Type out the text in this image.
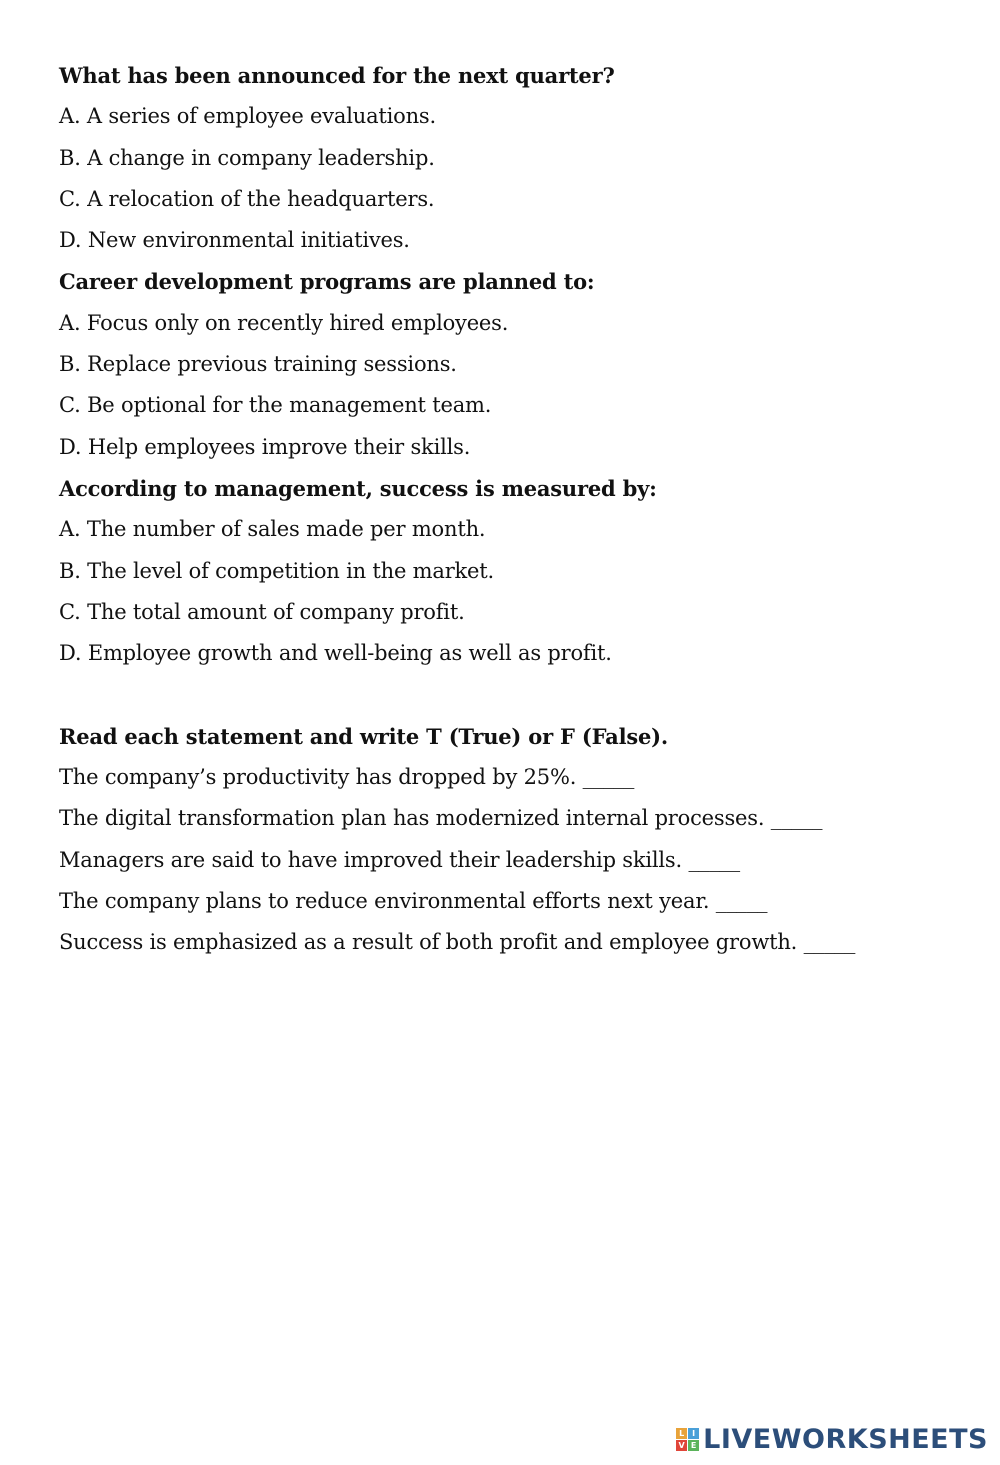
What has been announced for the next quarter?
A. A series of employee evaluations.
B. A change in company leadership.
C. A relocation of the headquarters.
D. New environmental initiatives.
Career development programs are planned to:
A. Focus only on recently hired employees.
B. Replace previous training sessions.
C. Be optional for the management team.
D. Help employees improve their skills.
According to management, success is measured by:
A. The number of sales made per month.
B. The level of competition in the market.
C. The total amount of company profit.
D. Employee growth and well-being as well as profit.
Read each statement and write T (True) or F (False).
The company’s productivity has dropped by 25%. _____
The digital transformation plan has modernized internal processes. _____
Managers are said to have improved their leadership skills. _____
The company plans to reduce environmental efforts next year. _____
Success is emphasized as a result of both profit and employee growth. _____
L I
V E LIVEWORKSHEETS
